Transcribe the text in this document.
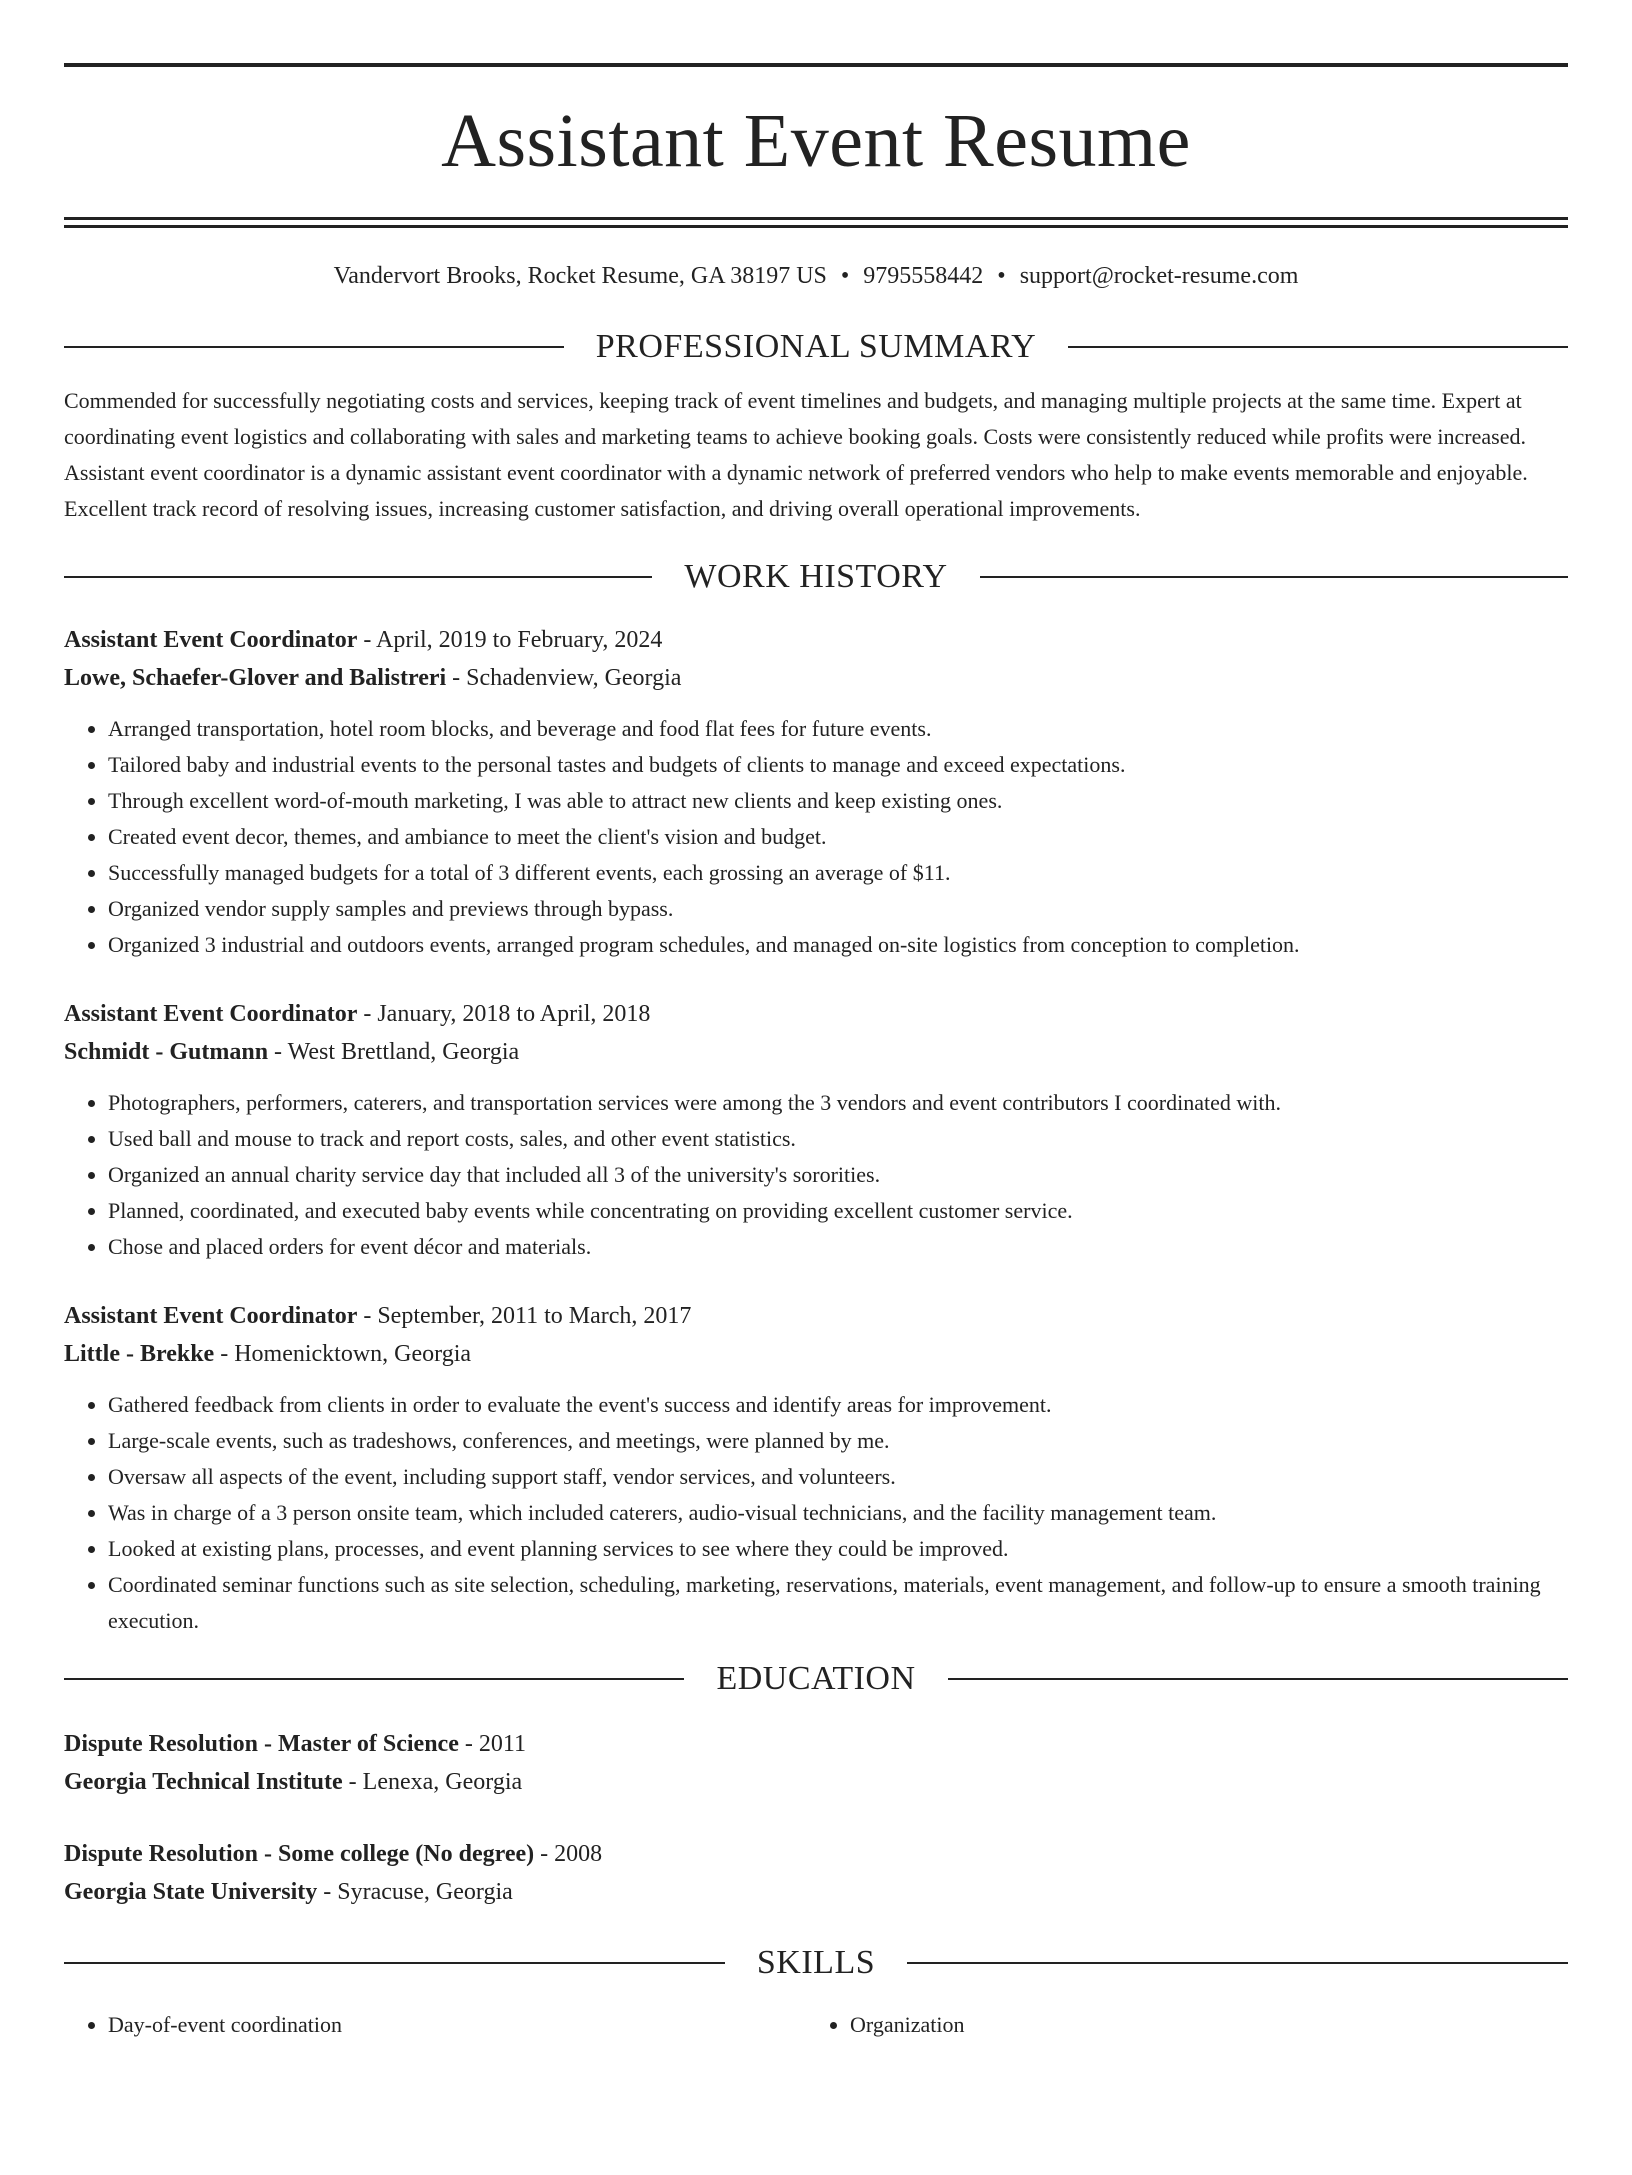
Assistant Event Resume
Vandervort Brooks, Rocket Resume, GA 38197 US • 9795558442 • support@rocket-resume.com
PROFESSIONAL SUMMARY

Commended for successfully negotiating costs and services, keeping track of event timelines and budgets, and managing multiple projects at the same time. Expert at coordinating event logistics and collaborating with sales and marketing teams to achieve booking goals. Costs were consistently reduced while profits were increased. Assistant event coordinator is a dynamic assistant event coordinator with a dynamic network of preferred vendors who help to make events memorable and enjoyable. Excellent track record of resolving issues, increasing customer satisfaction, and driving overall operational improvements.

WORK HISTORY
Assistant Event Coordinator - April, 2019 to February, 2024
Lowe, Schaefer-Glover and Balistreri - Schadenview, Georgia
• Arranged transportation, hotel room blocks, and beverage and food flat fees for future events.
• Tailored baby and industrial events to the personal tastes and budgets of clients to manage and exceed expectations.
• Through excellent word-of-mouth marketing, I was able to attract new clients and keep existing ones.
• Created event decor, themes, and ambiance to meet the client's vision and budget.
• Successfully managed budgets for a total of 3 different events, each grossing an average of $11.
• Organized vendor supply samples and previews through bypass.
• Organized 3 industrial and outdoors events, arranged program schedules, and managed on-site logistics from conception to completion.
Assistant Event Coordinator - January, 2018 to April, 2018
Schmidt - Gutmann - West Brettland, Georgia
• Photographers, performers, caterers, and transportation services were among the 3 vendors and event contributors I coordinated with.
• Used ball and mouse to track and report costs, sales, and other event statistics.
• Organized an annual charity service day that included all 3 of the university's sororities.
• Planned, coordinated, and executed baby events while concentrating on providing excellent customer service.
• Chose and placed orders for event décor and materials.
Assistant Event Coordinator - September, 2011 to March, 2017
Little - Brekke - Homenicktown, Georgia
• Gathered feedback from clients in order to evaluate the event's success and identify areas for improvement.
• Large-scale events, such as tradeshows, conferences, and meetings, were planned by me.
• Oversaw all aspects of the event, including support staff, vendor services, and volunteers.
• Was in charge of a 3 person onsite team, which included caterers, audio-visual technicians, and the facility management team.
• Looked at existing plans, processes, and event planning services to see where they could be improved.
• Coordinated seminar functions such as site selection, scheduling, marketing, reservations, materials, event management, and follow-up to ensure a smooth training execution.
EDUCATION
Dispute Resolution - Master of Science - 2011
Georgia Technical Institute - Lenexa, Georgia
Dispute Resolution - Some college (No degree) - 2008
Georgia State University - Syracuse, Georgia
SKILLS
• Day-of-event coordination
•	Organization
